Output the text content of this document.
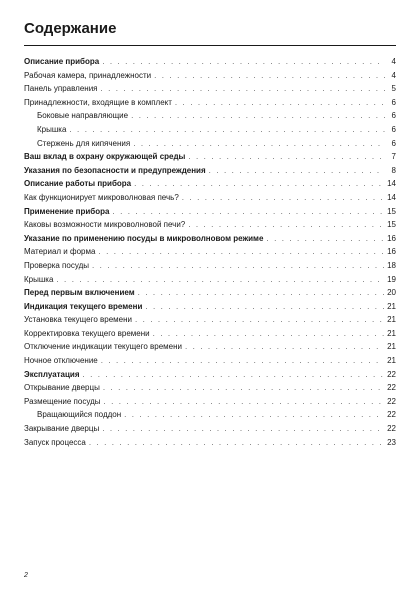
Содержание
Описание прибора . . .	4
Рабочая камера, принадлежности . . .	4
Панель управления . . .	5
Принадлежности, входящие в комплект . . .	6
Боковые направляющие . . .	6
Крышка . . .	6
Стержень для кипячения . . .	6
Ваш вклад в охрану окружающей среды . . .	7
Указания по безопасности и предупреждения . . .	8
Описание работы прибора . . .	14
Как функционирует микроволновая печь? . . .	14
Применение прибора . . .	15
Каковы возможности микроволновой печи? . . .	15
Указание по применению посуды в микроволновом режиме . . .	16
Материал и форма . . .	16
Проверка посуды . . .	18
Крышка . . .	19
Перед первым включением . . .	20
Индикация текущего времени . . .	21
Установка текущего времени . . .	21
Корректировка текущего времени . . .	21
Отключение индикации текущего времени . . .	21
Ночное отключение . . .	21
Эксплуатация . . .	22
Открывание дверцы . . .	22
Размещение посуды . . .	22
Вращающийся поддон . . .	22
Закрывание дверцы . . .	22
Запуск процесса . . .	23
2
